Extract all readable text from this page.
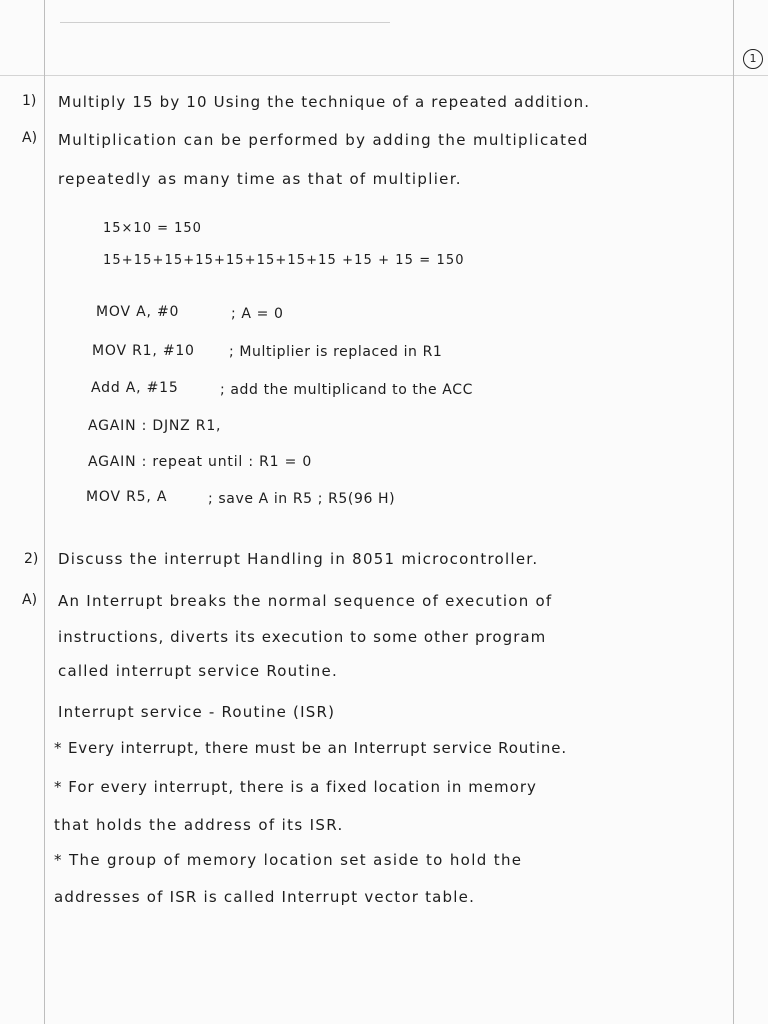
1
1) Multiply 15 by 10 Using the technique of a repeated addition.
A) Multiplication can be performed by adding the multiplicated
repeatedly as many time as that of multiplier.
15×10 = 150
15+15+15+15+15+15+15+15 +15 + 15 = 150
MOV A, #0	; A = 0
MOV R1, #10 ; Multiplier is replaced in R1
Add A, #15	; add the multiplicand to the ACC
AGAIN : DJNZ R1,
AGAIN : repeat until : R1 = 0
MOV R5, A	; save A in R5 ; R5(96 H)
2) Discuss the interrupt Handling in 8051 microcontroller.
A) An Interrupt breaks the normal sequence of execution of
instructions, diverts its execution to some other program
called interrupt service Routine.
Interrupt service - Routine (ISR)
* Every interrupt, there must be an Interrupt service Routine.
* For every interrupt, there is a fixed location in memory
that holds the address of its ISR.
* The group of memory location set aside to hold the
addresses of ISR is called Interrupt vector table.
